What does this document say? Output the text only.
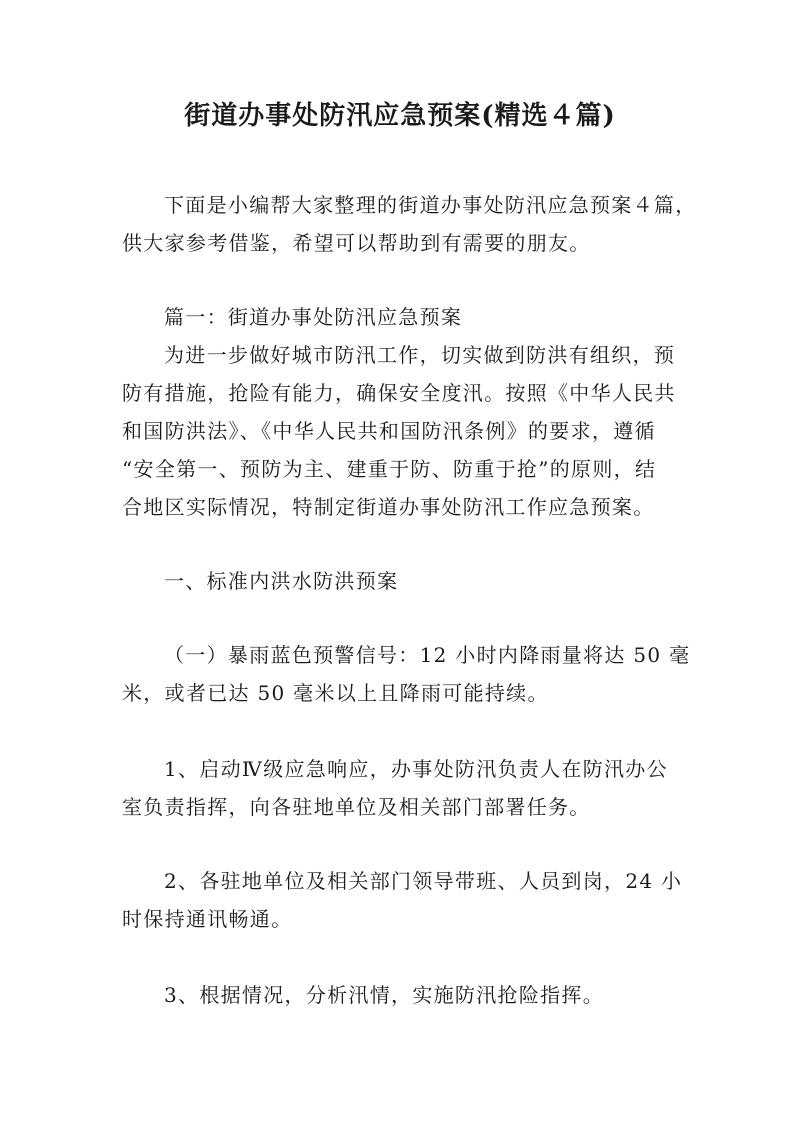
街道办事处防汛应急预案(精选４篇)
下面是小编帮大家整理的街道办事处防汛应急预案４篇，
供大家参考借鉴，希望可以帮助到有需要的朋友。
篇一：街道办事处防汛应急预案
为进一步做好城市防汛工作，切实做到防洪有组织，预
防有措施，抢险有能力，确保安全度汛。按照《中华人民共
和国防洪法》、《中华人民共和国防汛条例》的要求，遵循
“安全第一、预防为主、建重于防、防重于抢”的原则，结
合地区实际情况，特制定街道办事处防汛工作应急预案。
一、标准内洪水防洪预案
（一）暴雨蓝色预警信号：12 小时内降雨量将达 50 毫
米，或者已达 50 毫米以上且降雨可能持续。
1、启动Ⅳ级应急响应，办事处防汛负责人在防汛办公
室负责指挥，向各驻地单位及相关部门部署任务。
2、各驻地单位及相关部门领导带班、人员到岗，24 小
时保持通讯畅通。
3、根据情况，分析汛情，实施防汛抢险指挥。
